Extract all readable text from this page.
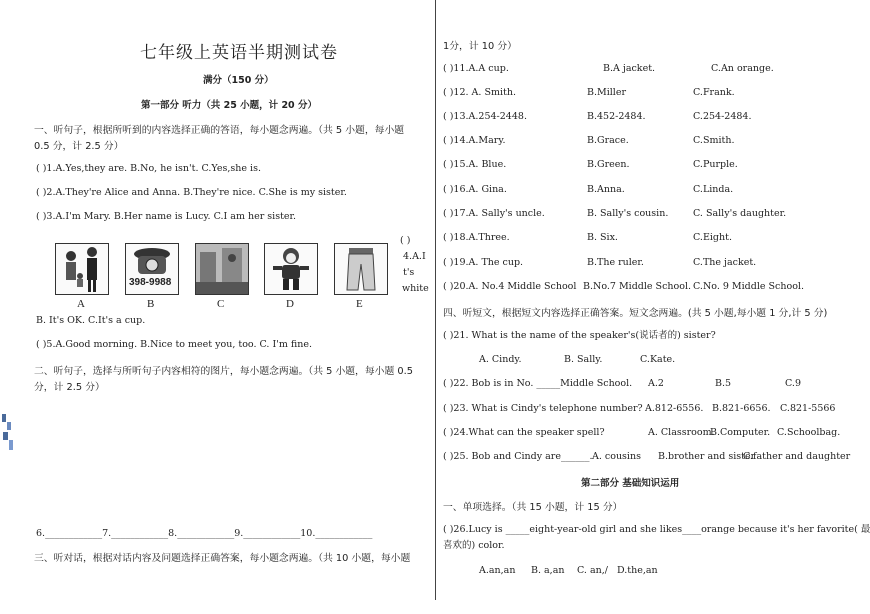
七年级上英语半期测试卷
满分（150 分）
第一部分 听力（共 25 小题，计 20 分）
一、听句子，根据所听到的内容选择正确的答语，每小题念两遍。（共 5 小题，每小题
0.5 分，计 2.5 分）
( )1.A.Yes,they are. B.No, he isn't. C.Yes,she is.
( )2.A.They're Alice and Anna. B.They're nice. C.She is my sister.
( )3.A.I'm Mary. B.Her name is Lucy. C.I am her sister.
398-9988
A	B	C	D	E
( )
4.A.I
t's
white
B. It's OK. C.It's a cup.
( )5.A.Good morning. B.Nice to meet you, too. C. I'm fine.
二、听句子，选择与所听句子内容相符的图片，每小题念两遍。（共 5 小题，每小题 0.5
分，计 2.5 分）
6.____________7.____________8.____________9.____________10.____________
三、听对话，根据对话内容及问题选择正确答案，每小题念两遍。（共 10 小题，每小题
1分，计 10 分）
( )11.A.A cup.	B.A jacket.	C.An orange.
( )12. A. Smith.	B.Miller	C.Frank.
( )13.A.254-2448.	B.452-2484.	C.254-2484.
( )14.A.Mary.	B.Grace.	C.Smith.
( )15.A. Blue.	B.Green.	C.Purple.
( )16.A. Gina.	B.Anna.	C.Linda.
( )17.A. Sally's uncle.	B. Sally's cousin.	C. Sally's daughter.
( )18.A.Three.	B. Six.	C.Eight.
( )19.A. The cup.	B.The ruler.	C.The jacket.
( )20.A. No.4 Middle School B.No.7 Middle School. C.No. 9 Middle School.
四、听短文，根据短文内容选择正确答案。短文念两遍。(共 5 小题,每小题 1 分,计 5 分)
( )21. What is the name of the speaker's(说话者的) sister?
A. Cindy.	B. Sally.	C.Kate.
( )22. Bob is in No. _____Middle School. A.2	B.5	C.9
( )23. What is Cindy's telephone number? A.812-6556. B.821-6656. C.821-5566
( )24.What can the speaker spell?	A. Classroom.
B.Computer. C.Schoolbag.
( )25. Bob and Cindy are______. A. cousins B.brother and sister
C.father and daughter
第二部分 基础知识运用
一、单项选择。（共 15 小题，计 15 分）
( )26.Lucy is _____eight-year-old girl and she likes____orange because it's her favorite( 最
喜欢的) color.
A.an,an B. a,an C. an,/ D.the,an
